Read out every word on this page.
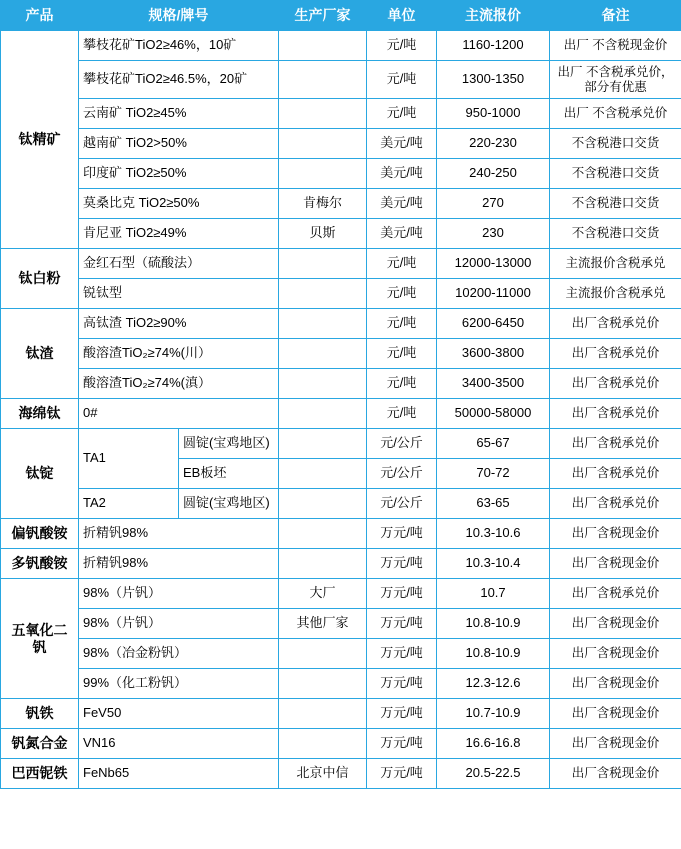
产品	规格/牌号		生产厂家	单位	主流报价	备注
钛精矿	攀枝花矿TiO2≥46%，10矿			元/吨	1160-1200	出厂 不含税现金价
	攀枝花矿TiO2≥46.5%，20矿			元/吨	1300-1350	出厂 不含税承兑价，部分有优惠
	云南矿 TiO2≥45%			元/吨	950-1000	出厂 不含税承兑价
	越南矿 TiO2>50%			美元/吨	220-230	不含税港口交货
	印度矿 TiO2≥50%			美元/吨	240-250	不含税港口交货
	莫桑比克 TiO2≥50%		肯梅尔	美元/吨	270	不含税港口交货
	肯尼亚 TiO2≥49%		贝斯	美元/吨	230	不含税港口交货
钛白粉	金红石型（硫酸法）			元/吨	12000-13000	主流报价含税承兑
	锐钛型			元/吨	10200-11000	主流报价含税承兑
钛渣	高钛渣 TiO2≥90%			元/吨	6200-6450	出厂含税承兑价
	酸溶渣TiO₂≥74%(川）			元/吨	3600-3800	出厂含税承兑价
	酸溶渣TiO₂≥74%(滇）			元/吨	3400-3500	出厂含税承兑价
海绵钛	0#			元/吨	50000-58000	出厂含税承兑价
钛锭	TA1	圆锭(宝鸡地区)		元/公斤	65-67	出厂含税承兑价
		EB板坯		元/公斤	70-72	出厂含税承兑价
	TA2	圆锭(宝鸡地区)		元/公斤	63-65	出厂含税承兑价
偏钒酸铵	折精钒98%			万元/吨	10.3-10.6	出厂含税现金价
多钒酸铵	折精钒98%			万元/吨	10.3-10.4	出厂含税现金价
五氧化二钒	98%（片钒）		大厂	万元/吨	10.7	出厂含税承兑价
	98%（片钒）		其他厂家	万元/吨	10.8-10.9	出厂含税现金价
	98%（冶金粉钒）			万元/吨	10.8-10.9	出厂含税现金价
	99%（化工粉钒）			万元/吨	12.3-12.6	出厂含税现金价
钒铁	FeV50			万元/吨	10.7-10.9	出厂含税现金价
钒氮合金	VN16			万元/吨	16.6-16.8	出厂含税现金价
巴西铌铁	FeNb65		北京中信	万元/吨	20.5-22.5	出厂含税现金价
